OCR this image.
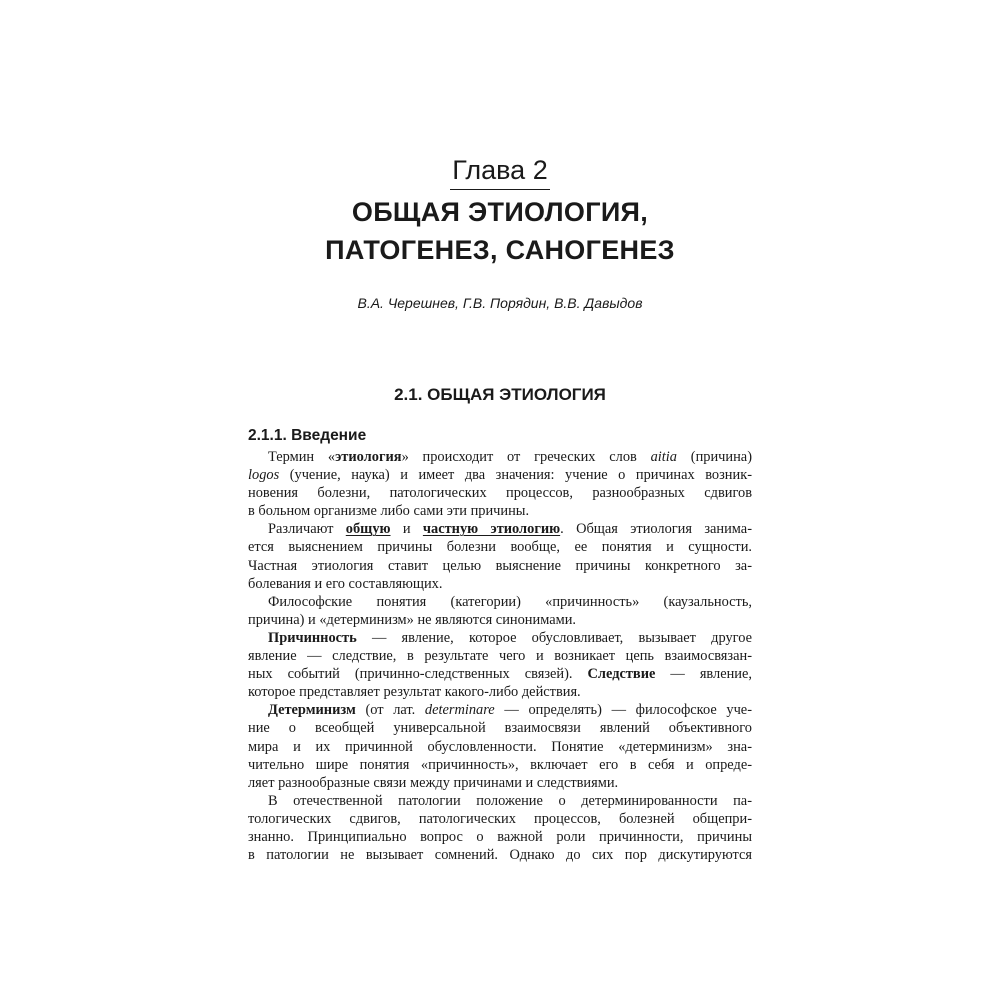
Глава 2
ОБЩАЯ ЭТИОЛОГИЯ,
ПАТОГЕНЕЗ, САНОГЕНЕЗ
В.А. Черешнев, Г.В. Порядин, В.В. Давыдов
2.1. ОБЩАЯ ЭТИОЛОГИЯ
2.1.1. Введение
Термин «этиология» происходит от греческих слов aitia (причина)
logos (учение, наука) и имеет два значения: учение о причинах возник-
новения болезни, патологических процессов, разнообразных сдвигов
в больном организме либо сами эти причины.
Различают общую и частную этиологию. Общая этиология занима-
ется выяснением причины болезни вообще, ее понятия и сущности.
Частная этиология ставит целью выяснение причины конкретного за-
болевания и его составляющих.
Философские понятия (категории) «причинность» (каузальность,
причина) и «детерминизм» не являются синонимами.
Причинность — явление, которое обусловливает, вызывает другое
явление — следствие, в результате чего и возникает цепь взаимосвязан-
ных событий (причинно-следственных связей). Следствие — явление,
которое представляет результат какого-либо действия.
Детерминизм (от лат. determinare — определять) — философское уче-
ние о всеобщей универсальной взаимосвязи явлений объективного
мира и их причинной обусловленности. Понятие «детерминизм» зна-
чительно шире понятия «причинность», включает его в себя и опреде-
ляет разнообразные связи между причинами и следствиями.
В отечественной патологии положение о детерминированности па-
тологических сдвигов, патологических процессов, болезней общепри-
знанно. Принципиально вопрос о важной роли причинности, причины
в патологии не вызывает сомнений. Однако до сих пор дискутируются
